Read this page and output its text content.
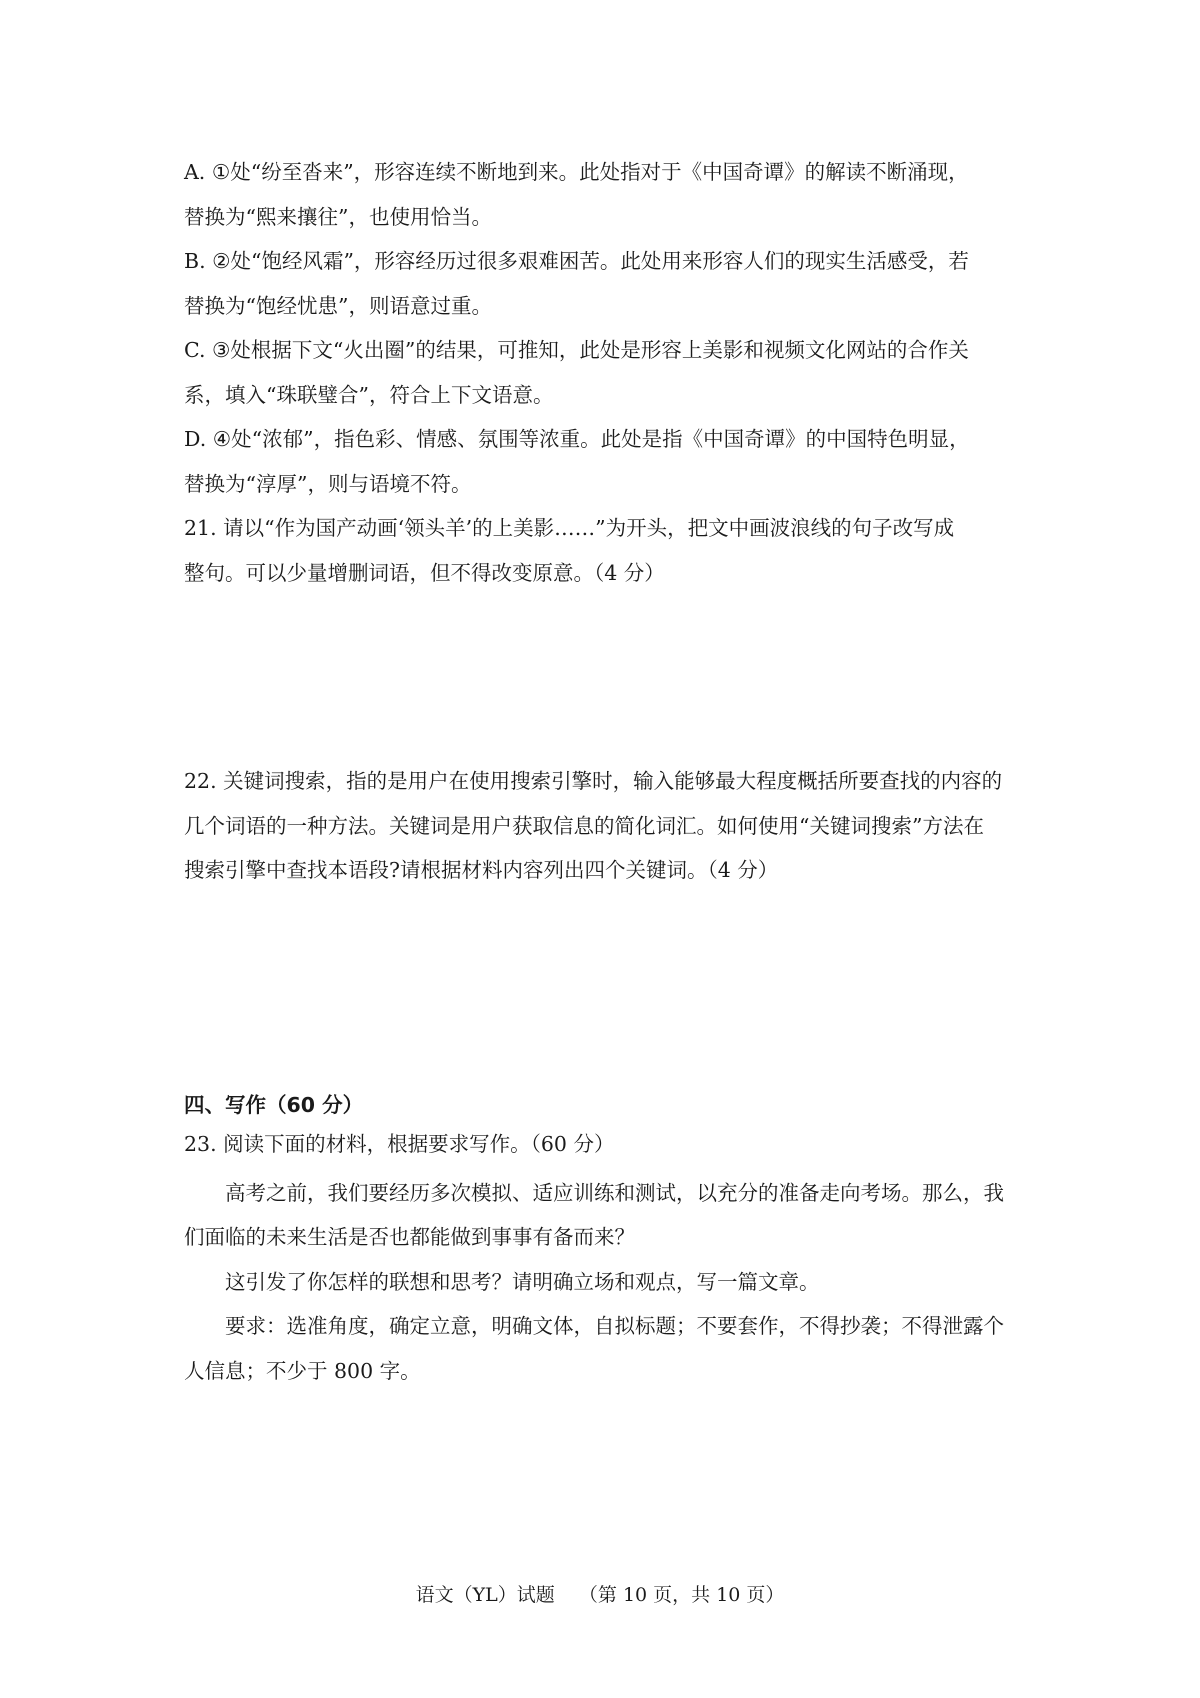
A. ①处“纷至沓来”，形容连续不断地到来。此处指对于《中国奇谭》的解读不断涌现，

替换为“熙来攘往”，也使用恰当。

B. ②处“饱经风霜”，形容经历过很多艰难困苦。此处用来形容人们的现实生活感受，若

替换为“饱经忧患”，则语意过重。

C. ③处根据下文“火出圈”的结果，可推知，此处是形容上美影和视频文化网站的合作关

系，填入“珠联璧合”，符合上下文语意。

D. ④处“浓郁”，指色彩、情感、氛围等浓重。此处是指《中国奇谭》的中国特色明显，

替换为“淳厚”，则与语境不符。

21. 请以“作为国产动画‘领头羊’的上美影……”为开头，把文中画波浪线的句子改写成

整句。可以少量增删词语，但不得改变原意。（4 分）

22. 关键词搜索，指的是用户在使用搜索引擎时，输入能够最大程度概括所要查找的内容的

几个词语的一种方法。关键词是用户获取信息的简化词汇。如何使用“关键词搜索”方法在

搜索引擎中查找本语段?请根据材料内容列出四个关键词。（4 分）

四、写作（60 分）

23. 阅读下面的材料，根据要求写作。（60 分）

高考之前，我们要经历多次模拟、适应训练和测试，以充分的准备走向考场。那么，我

们面临的未来生活是否也都能做到事事有备而来？

这引发了你怎样的联想和思考？请明确立场和观点，写一篇文章。

要求：选准角度，确定立意，明确文体，自拟标题；不要套作，不得抄袭；不得泄露个

人信息；不少于 800 字。

语文（YL）试题 （第 10 页，共 10 页）
